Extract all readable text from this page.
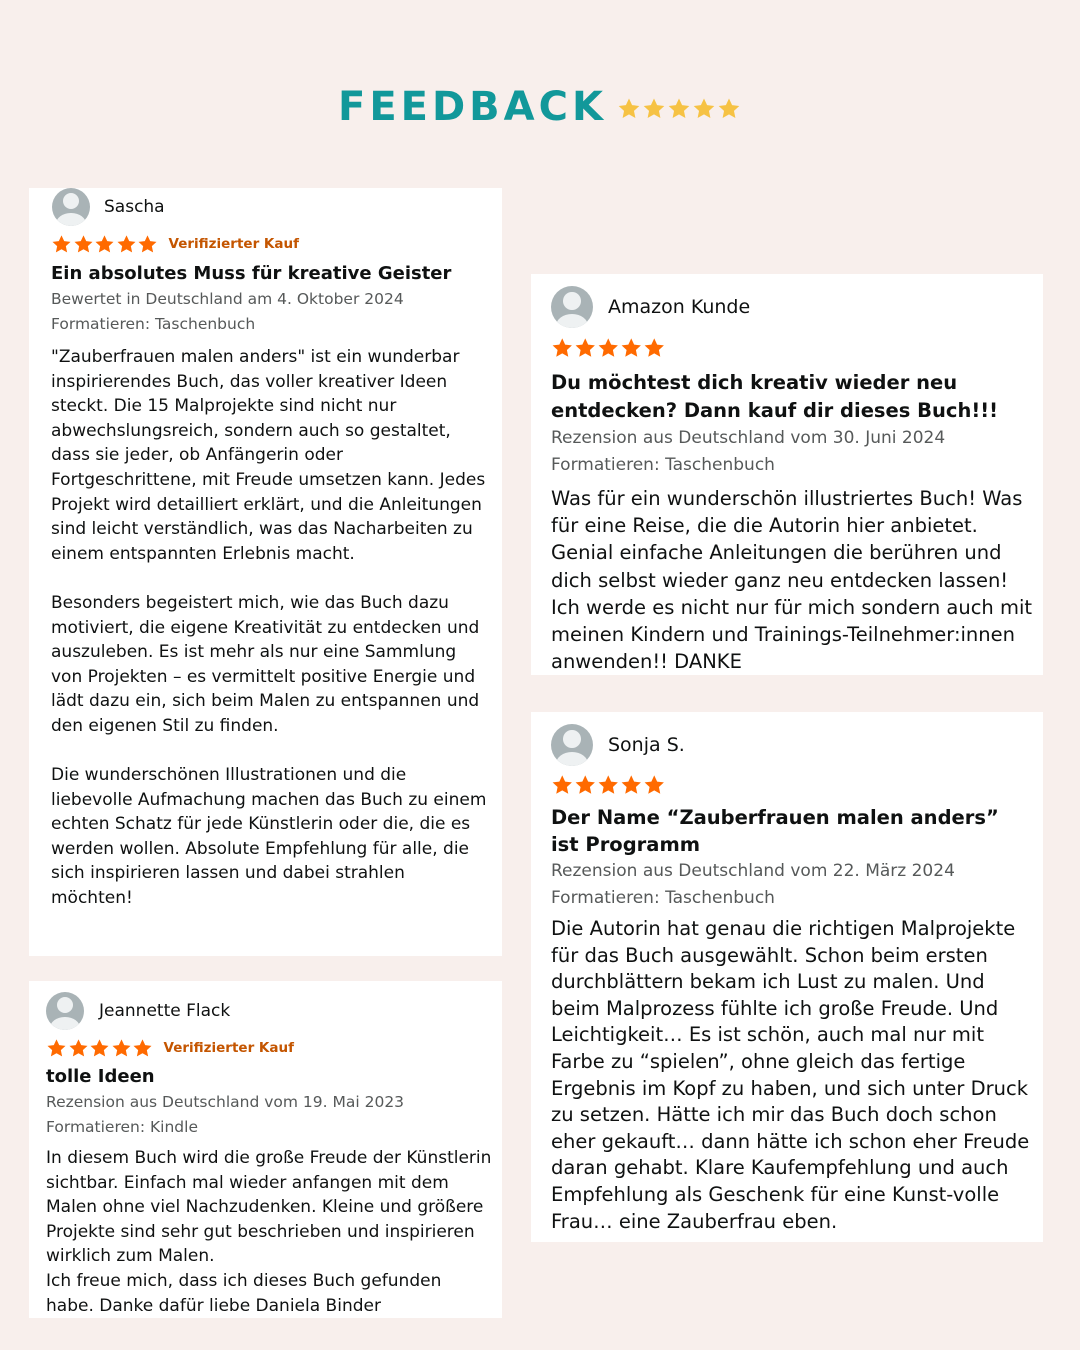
FEEDBACK
Sascha
Verifizierter Kauf
Ein absolutes Muss für kreative Geister
Bewertet in Deutschland am 4. Oktober 2024
Formatieren: Taschenbuch
"Zauberfrauen malen anders" ist ein wunderbar inspirierendes Buch, das voller kreativer Ideen steckt. Die 15 Malprojekte sind nicht nur abwechslungsreich, sondern auch so gestaltet, dass sie jeder, ob Anfängerin oder Fortgeschrittene, mit Freude umsetzen kann. Jedes Projekt wird detailliert erklärt, und die Anleitungen sind leicht verständlich, was das Nacharbeiten zu einem entspannten Erlebnis macht.

Besonders begeistert mich, wie das Buch dazu motiviert, die eigene Kreativität zu entdecken und auszuleben. Es ist mehr als nur eine Sammlung von Projekten – es vermittelt positive Energie und lädt dazu ein, sich beim Malen zu entspannen und den eigenen Stil zu finden.

Die wunderschönen Illustrationen und die liebevolle Aufmachung machen das Buch zu einem echten Schatz für jede Künstlerin oder die, die es werden wollen. Absolute Empfehlung für alle, die sich inspirieren lassen und dabei strahlen möchten!
Jeannette Flack
Verifizierter Kauf
tolle Ideen
Rezension aus Deutschland vom 19. Mai 2023
Formatieren: Kindle
In diesem Buch wird die große Freude der Künstlerin sichtbar. Einfach mal wieder anfangen mit dem Malen ohne viel Nachzudenken. Kleine und größere Projekte sind sehr gut beschrieben und inspirieren wirklich zum Malen.
Ich freue mich, dass ich dieses Buch gefunden habe. Danke dafür liebe Daniela Binder
Amazon Kunde
Du möchtest dich kreativ wieder neu entdecken? Dann kauf dir dieses Buch!!!
Rezension aus Deutschland vom 30. Juni 2024
Formatieren: Taschenbuch
Was für ein wunderschön illustriertes Buch! Was für eine Reise, die die Autorin hier anbietet. Genial einfache Anleitungen die berühren und dich selbst wieder ganz neu entdecken lassen! Ich werde es nicht nur für mich sondern auch mit meinen Kindern und Trainings-Teilnehmer:innen anwenden!! DANKE
Sonja S.
Der Name “Zauberfrauen malen anders” ist Programm
Rezension aus Deutschland vom 22. März 2024
Formatieren: Taschenbuch
Die Autorin hat genau die richtigen Malprojekte für das Buch ausgewählt. Schon beim ersten durchblättern bekam ich Lust zu malen. Und beim Malprozess fühlte ich große Freude. Und Leichtigkeit… Es ist schön, auch mal nur mit Farbe zu “spielen”, ohne gleich das fertige Ergebnis im Kopf zu haben, und sich unter Druck zu setzen. Hätte ich mir das Buch doch schon eher gekauft… dann hätte ich schon eher Freude daran gehabt. Klare Kaufempfehlung und auch Empfehlung als Geschenk für eine Kunst-volle Frau… eine Zauberfrau eben.
